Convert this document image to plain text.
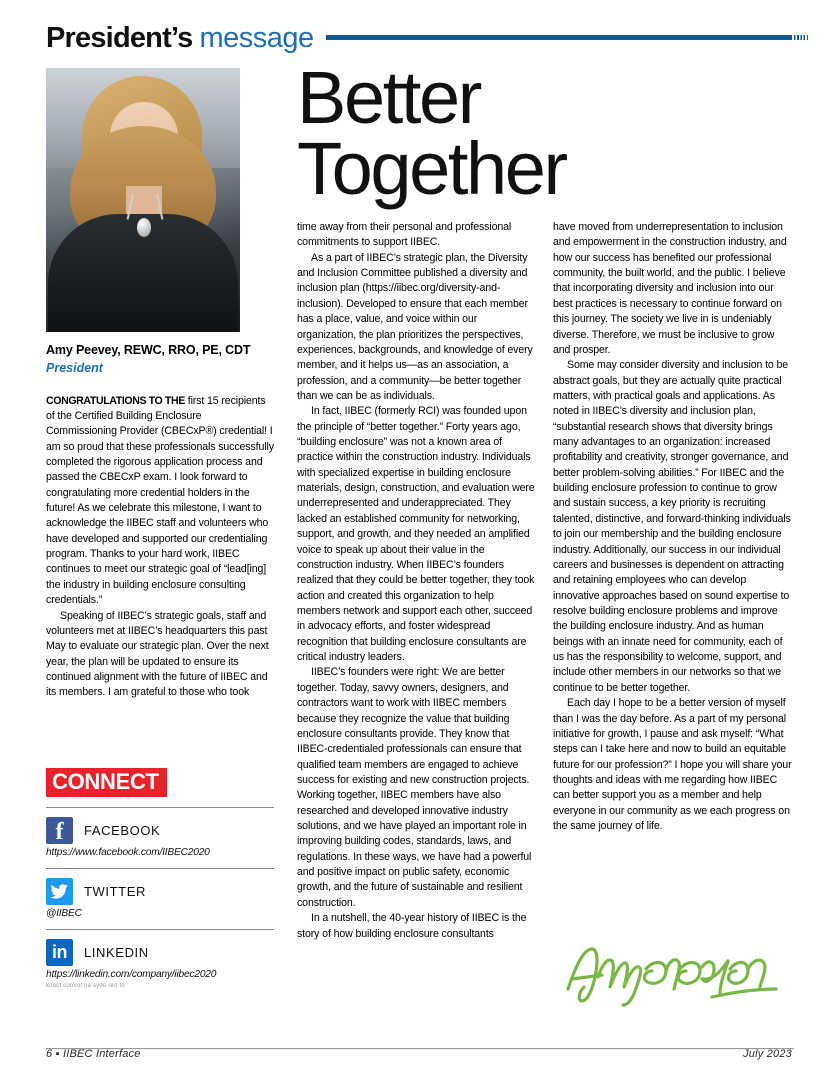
President’s message
Amy Peevey, REWC, RRO, PE, CDT
President

CONGRATULATIONS TO THE first 15 recipients of the Certified Building Enclosure Commissioning Provider (CBECxP®) credential! I am so proud that these professionals successfully completed the rigorous application process and passed the CBECxP exam. I look forward to congratulating more credential holders in the future! As we celebrate this milestone, I want to acknowledge the IIBEC staff and volunteers who have developed and supported our credentialing program. Thanks to your hard work, IIBEC continues to meet our strategic goal of “lead[ing] the industry in building enclosure consulting credentials.”

Speaking of IIBEC’s strategic goals, staff and volunteers met at IIBEC’s headquarters this past May to evaluate our strategic plan. Over the next year, the plan will be updated to ensure its continued alignment with the future of IIBEC and its members. I am grateful to those who took

CONNECT
f	FACEBOOK
https://www.facebook.com/IIBEC2020
TWITTER
@IIBEC
in	LINKEDIN
https://linkedin.com/company/iibec2020
knoct.com/ol na sydo ren to
Better
Together

time away from their personal and professional commitments to support IIBEC.

As a part of IIBEC’s strategic plan, the Diversity and Inclusion Committee published a diversity and inclusion plan (https://iibec.org/diversity-and-inclusion). Developed to ensure that each member has a place, value, and voice within our organization, the plan prioritizes the perspectives, experiences, backgrounds, and knowledge of every member, and it helps us—as an association, a profession, and a community—be better together than we can be as individuals.

In fact, IIBEC (formerly RCI) was founded upon the principle of “better together.” Forty years ago, “building enclosure” was not a known area of practice within the construction industry. Individuals with specialized expertise in building enclosure materials, design, construction, and evaluation were underrepresented and underappreciated. They lacked an established community for networking, support, and growth, and they needed an amplified voice to speak up about their value in the construction industry. When IIBEC’s founders realized that they could be better together, they took action and created this organization to help members network and support each other, succeed in advocacy efforts, and foster widespread recognition that building enclosure consultants are critical industry leaders.

IIBEC’s founders were right: We are better together. Today, savvy owners, designers, and contractors want to work with IIBEC members because they recognize the value that building enclosure consultants provide. They know that IIBEC-credentialed professionals can ensure that qualified team members are engaged to achieve success for existing and new construction projects. Working together, IIBEC members have also researched and developed innovative industry solutions, and we have played an important role in improving building codes, standards, laws, and regulations. In these ways, we have had a powerful and positive impact on public safety, economic growth, and the future of sustainable and resilient construction.

In a nutshell, the 40-year history of IIBEC is the story of how building enclosure consultants

have moved from underrepresentation to inclusion and empowerment in the construction industry, and how our success has benefited our professional community, the built world, and the public. I believe that incorporating diversity and inclusion into our best practices is necessary to continue forward on this journey. The society we live in is undeniably diverse. Therefore, we must be inclusive to grow and prosper.

Some may consider diversity and inclusion to be abstract goals, but they are actually quite practical matters, with practical goals and applications. As noted in IIBEC’s diversity and inclusion plan, “substantial research shows that diversity brings many advantages to an organization: increased profitability and creativity, stronger governance, and better problem-solving abilities.” For IIBEC and the building enclosure profession to continue to grow and sustain success, a key priority is recruiting talented, distinctive, and forward-thinking individuals to join our membership and the building enclosure industry. Additionally, our success in our individual careers and businesses is dependent on attracting and retaining employees who can develop innovative approaches based on sound expertise to resolve building enclosure problems and improve the building enclosure industry. And as human beings with an innate need for community, each of us has the responsibility to welcome, support, and include other members in our networks so that we continue to be better together.

Each day I hope to be a better version of myself than I was the day before. As a part of my personal initiative for growth, I pause and ask myself: “What steps can I take here and now to build an equitable future for our profession?” I hope you will share your thoughts and ideas with me regarding how IIBEC can better support you as a member and help everyone in our community as we each progress on the same journey of life.

6 ▪ IIBEC Interface	July 2023
